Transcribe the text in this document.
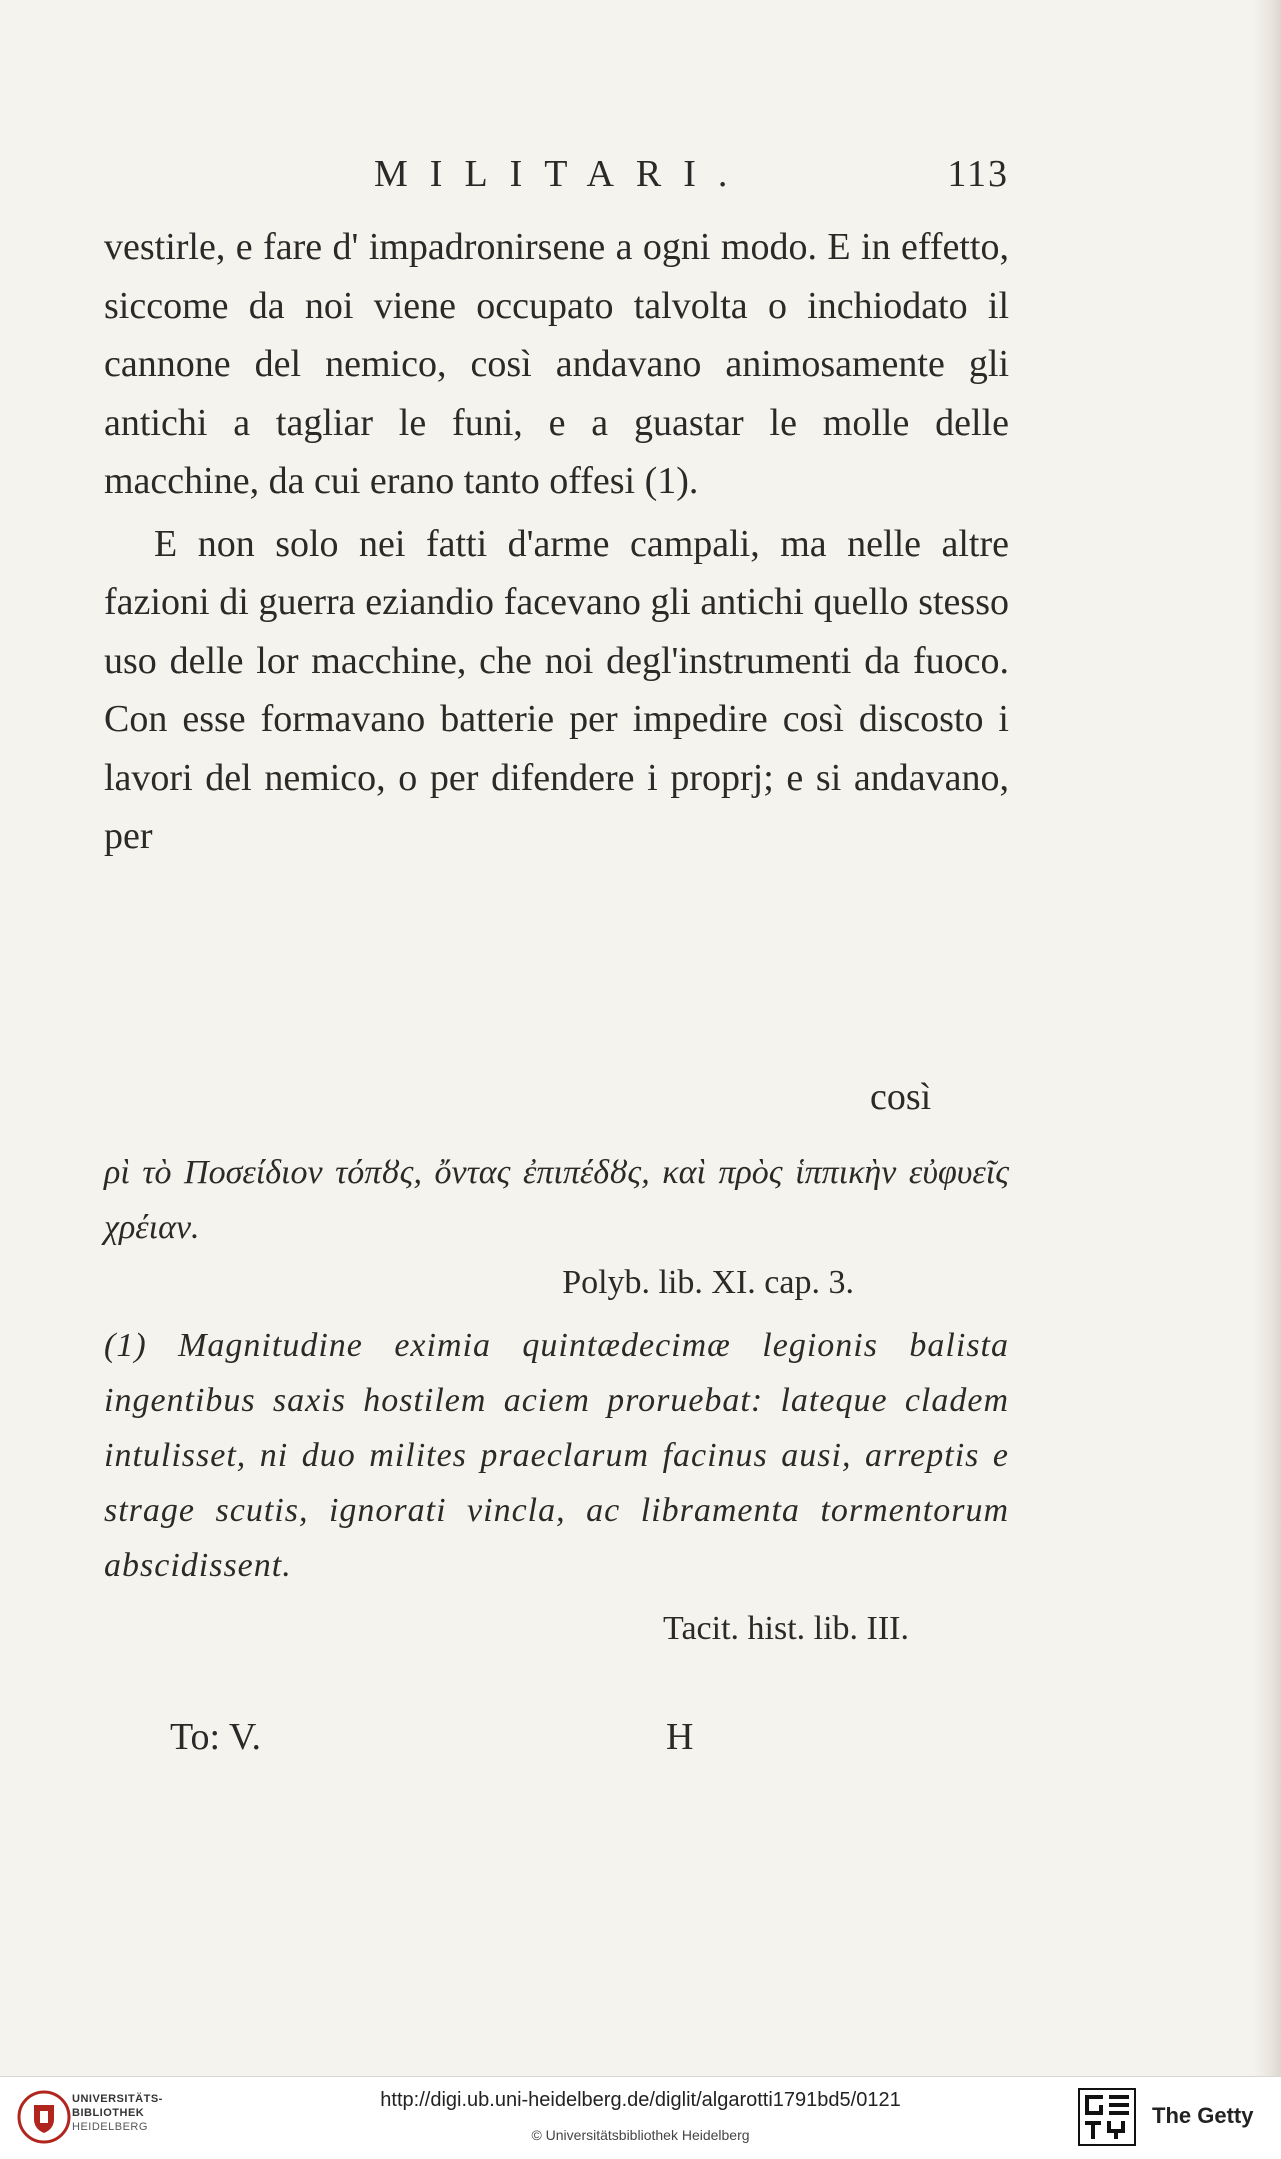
MILITARI.	113

vestirle, e fare d' impadronirsene a ogni modo. E in effetto, siccome da noi viene occupato talvolta o inchiodato il cannone del nemico, così andavano animosamente gli antichi a tagliar le funi, e a guastar le molle delle macchine, da cui erano tanto offesi (1).

E non solo nei fatti d'arme campali, ma nelle altre fazioni di guerra eziandio facevano gli antichi quello stesso uso delle lor macchine, che noi degl'instrumenti da fuoco. Con esse formavano batterie per impedire così discosto i lavori del nemico, o per difendere i proprj; e si andavano, per

così

ρὶ τὸ Ποσείδιον τόπȣς, ὄντας ἐπιπέδȣς, καὶ πρὸς ἱππικὴν εὐφυεῖς χρέιαν.

Polyb. lib. XI. cap. 3.

(1) Magnitudine eximia quintædecimæ legionis balista ingentibus saxis hostilem aciem proruebat: lateque cladem intulisset, ni duo milites praeclarum facinus ausi, arreptis e strage scutis, ignorati vincla, ac libramenta tormentorum abscidissent.

Tacit. hist. lib. III.

To: V.	H
UNIVERSITÄTS-
BIBLIOTHEK
HEIDELBERG
http://digi.ub.uni-heidelberg.de/diglit/algarotti1791bd5/0121
© Universitätsbibliothek Heidelberg
The Getty
